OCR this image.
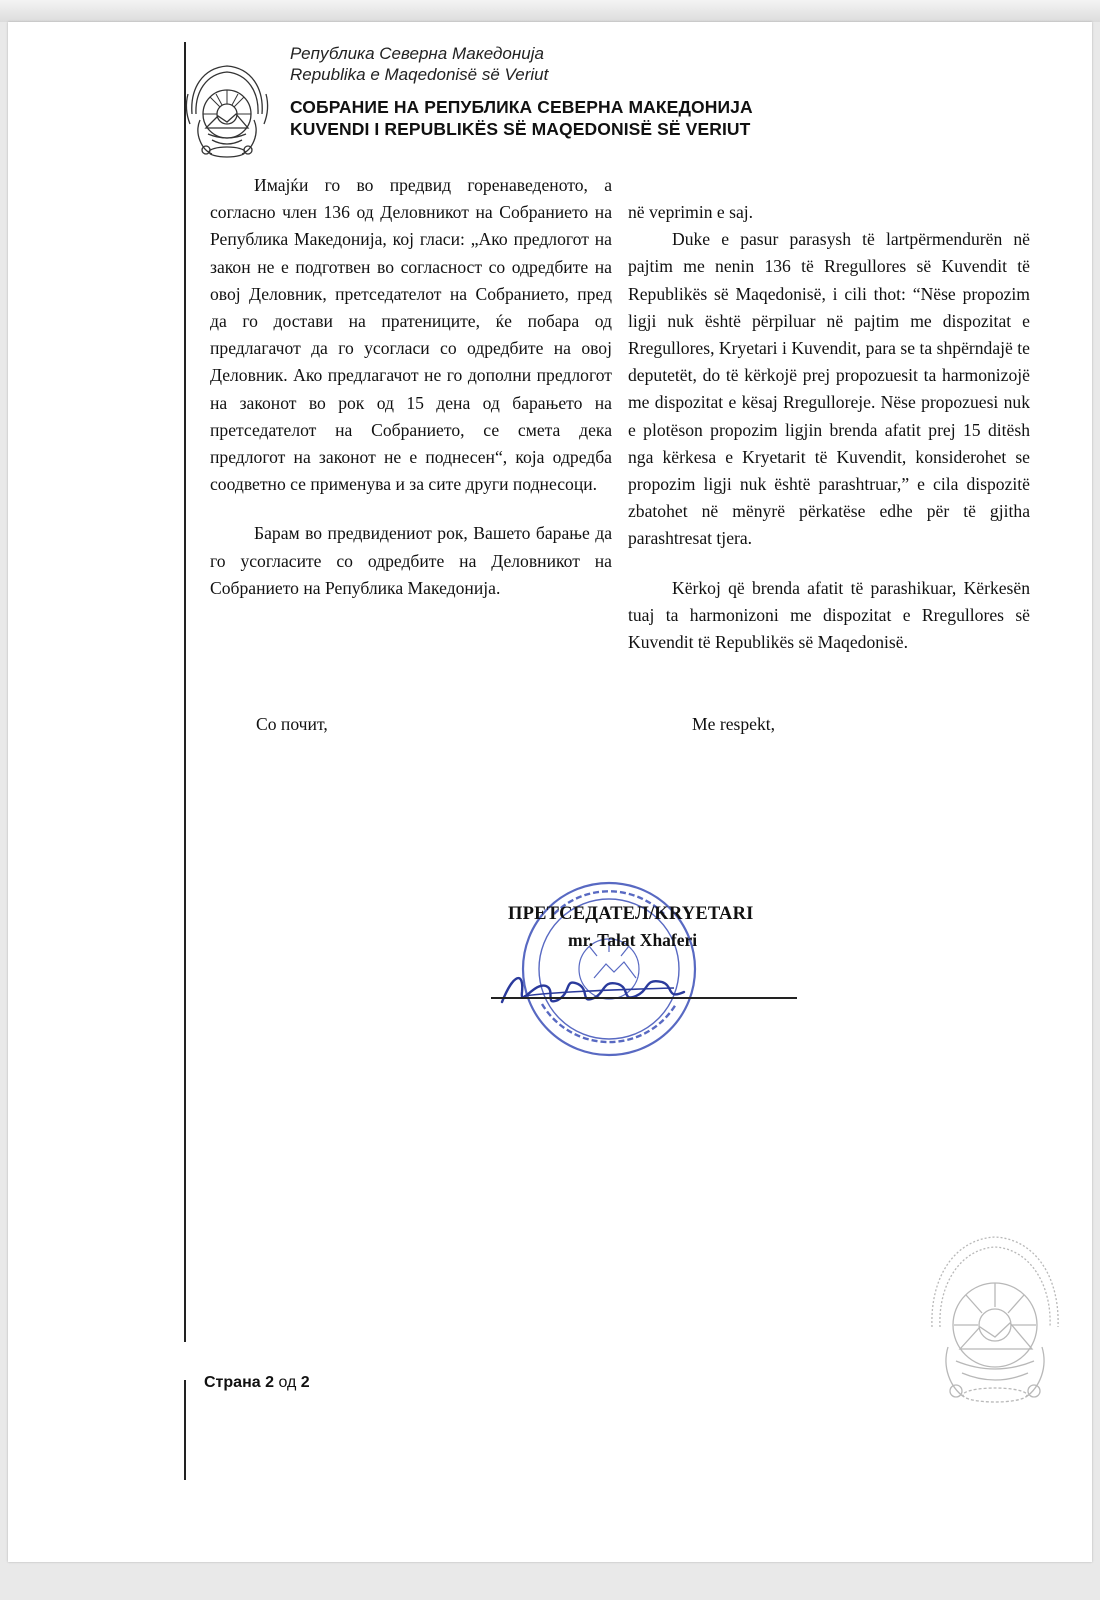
Република Северна Македонија
Republika e Maqedonisë së Veriut
СОБРАНИЕ НА РЕПУБЛИКА СЕВЕРНА МАКЕДОНИЈА
KUVENDI I REPUBLIKËS SË MAQEDONISË SË VERIUT

Имајќи го во предвид горенаведеното, а согласно член 136 од Деловникот на Собранието на Република Македонија, кој гласи: „Ако предлогот на закон не е подготвен во согласност со одредбите на овој Деловник, претседателот на Собранието, пред да го достави на пратениците, ќе побара од предлагачот да го усогласи со одредбите на овој Деловник. Ако предлагачот не го дополни предлогот на законот во рок од 15 дена од барањето на претседателот на Собранието, се смета дека предлогот на законот не е поднесен“, која одредба соодветно се применува и за сите други поднесоци.

Барам во предвидениот рок, Вашето барање да го усогласите со одредбите на Деловникот на Собранието на Република Македонија.

në veprimin e saj.

Duke e pasur parasysh të lartpërmendurën në pajtim me nenin 136 të Rregullores së Kuvendit të Republikës së Maqedonisë, i cili thot: “Nëse propozim ligji nuk është përpiluar në pajtim me dispozitat e Rregullores, Kryetari i Kuvendit, para se ta shpërndajë te deputetët, do të kërkojë prej propozuesit ta harmonizojë me dispozitat e kësaj Rregulloreje. Nëse propozuesi nuk e plotëson propozim ligjin brenda afatit prej 15 ditësh nga kërkesa e Kryetarit të Kuvendit, konsiderohet se propozim ligji nuk është parashtruar,” e cila dispozitë zbatohet në mënyrë përkatëse edhe për të gjitha parashtresat tjera.

Kërkoj që brenda afatit të parashikuar, Kërkesën tuaj ta harmonizoni me dispozitat e Rregullores së Kuvendit të Republikës së Maqedonisë.

Со почит,	Me respekt,
ПРЕТСЕДАТЕЛ/KRYETARI
mr. Talat Xhaferi
Страна 2 од 2
